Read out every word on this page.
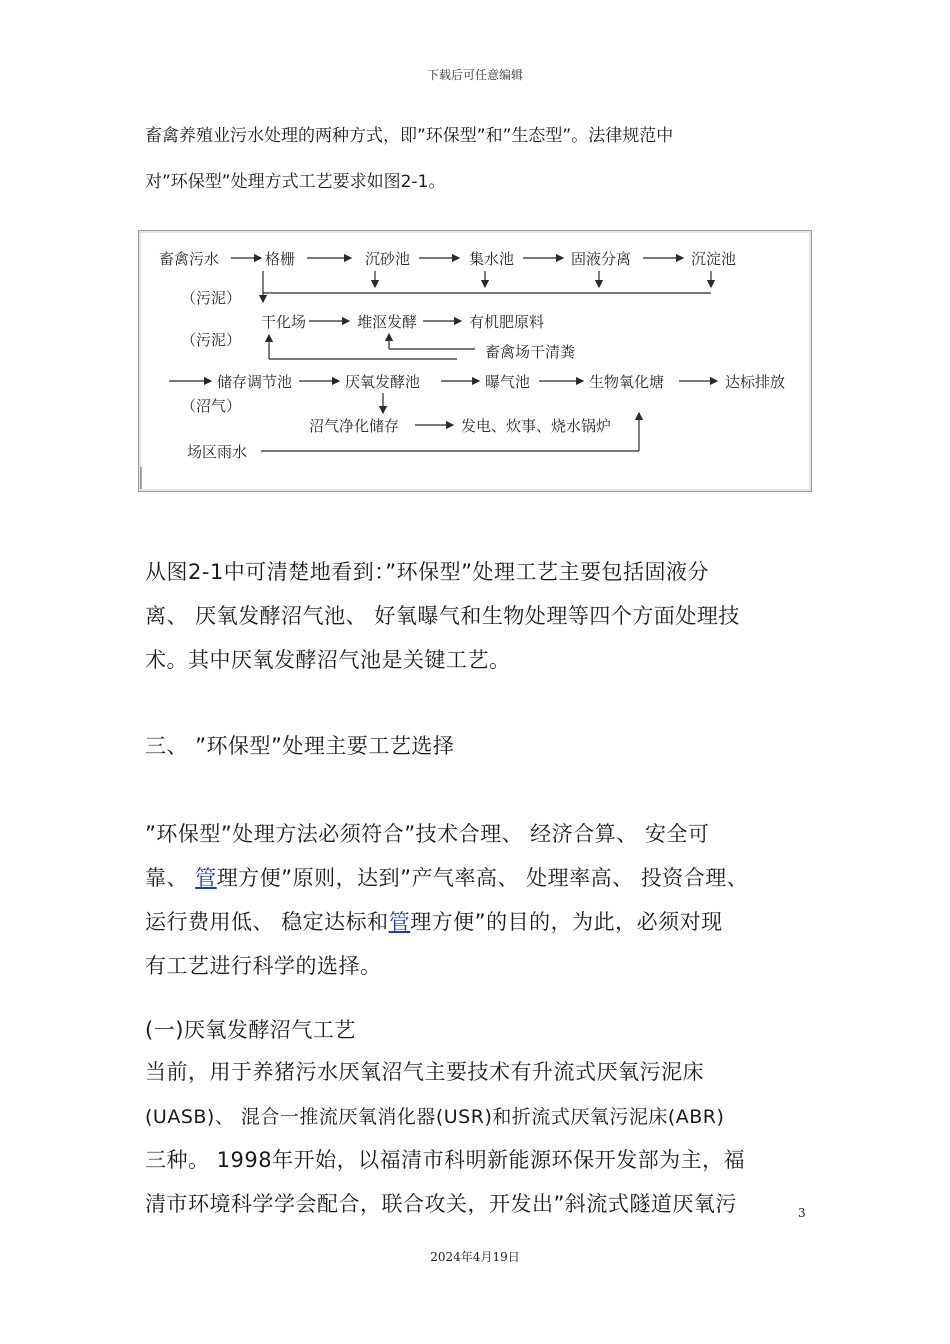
下载后可任意编辑
畜禽养殖业污水处理的两种方式，即”环保型”和”生态型”。法律规范中
对”环保型”处理方式工艺要求如图2-1。
畜禽污水	格栅	沉砂池	集水池	固液分离	沉淀池
（污泥）
干化场	堆沤发酵	有机肥原料
（污泥）
畜禽场干清粪
储存调节池	厌氧发酵池	曝气池	生物氧化塘	达标排放
（沼气）
沼气净化储存	发电、炊事、烧水锅炉
场区雨水
从图2-1中可清楚地看到：”环保型”处理工艺主要包括固液分
离、 厌氧发酵沼气池、 好氧曝气和生物处理等四个方面处理技
术。其中厌氧发酵沼气池是关键工艺。
三、 ”环保型”处理主要工艺选择
”环保型”处理方法必须符合”技术合理、 经济合算、 安全可
靠、 管理方便”原则，达到”产气率高、 处理率高、 投资合理、
运行费用低、 稳定达标和管理方便”的目的，为此，必须对现
有工艺进行科学的选择。
(一)厌氧发酵沼气工艺
当前，用于养猪污水厌氧沼气主要技术有升流式厌氧污泥床
(UASB)、 混合一推流厌氧消化器(USR)和折流式厌氧污泥床(ABR)
三种。 1998年开始，以福清市科明新能源环保开发部为主，福
清市环境科学学会配合，联合攻关，开发出”斜流式隧道厌氧污	3
2024年4月19日
